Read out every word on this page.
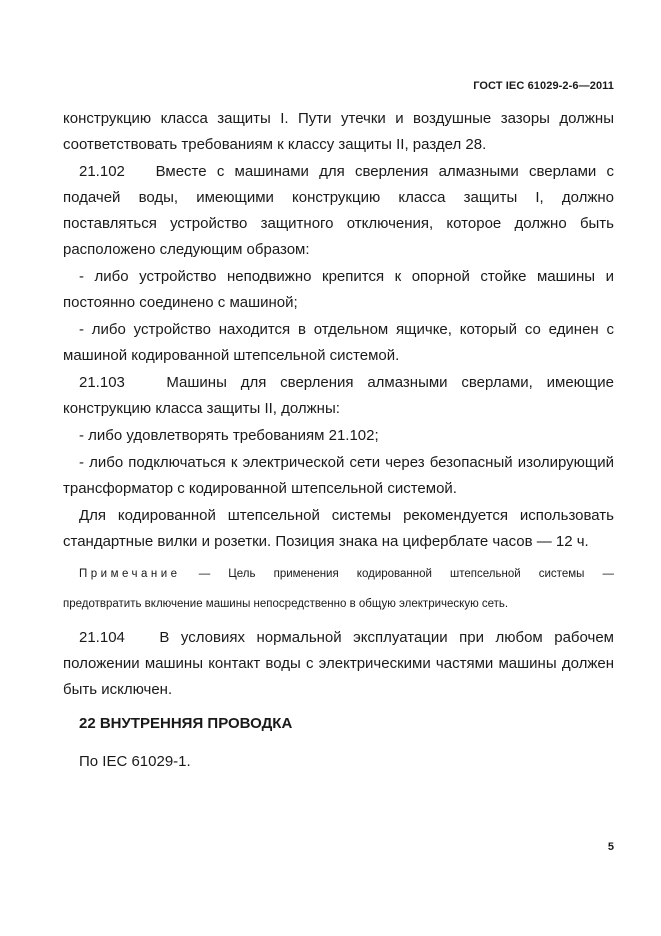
ГОСТ IEC 61029-2-6—2011

конструкцию класса защиты I. Пути утечки и воздушные зазоры должны соответствовать требованиям к классу защиты II, раздел 28.

21.102 Вместе с машинами для сверления алмазными сверлами с подачей воды, имеющими конструкцию класса защиты I, должно поставляться устройство защитного отключения, которое должно быть расположено следующим образом:

- либо устройство неподвижно крепится к опорной стойке машины и постоянно соединено с машиной;

- либо устройство находится в отдельном ящичке, который со единен с машиной кодированной штепсельной системой.

21.103	Машины для сверления алмазными сверлами, имеющие конструкцию класса защиты II, должны:

- либо удовлетворять требованиям 21.102;

- либо подключаться к электрической сети через безопасный изолирующий трансформатор с кодированной штепсельной системой.

Для кодированной штепсельной системы рекомендуется использовать стандартные вилки и розетки. Позиция знака на циферблате часов — 12 ч.

Примечание — Цель применения кодированной штепсельной системы —

предотвратить включение машины непосредственно в общую электрическую сеть.

21.104 В условиях нормальной эксплуатации при любом рабочем положении машины контакт воды с электрическими частями машины должен быть исключен.

22 ВНУТРЕННЯЯ ПРОВОДКА

По IEC 61029-1.

5
